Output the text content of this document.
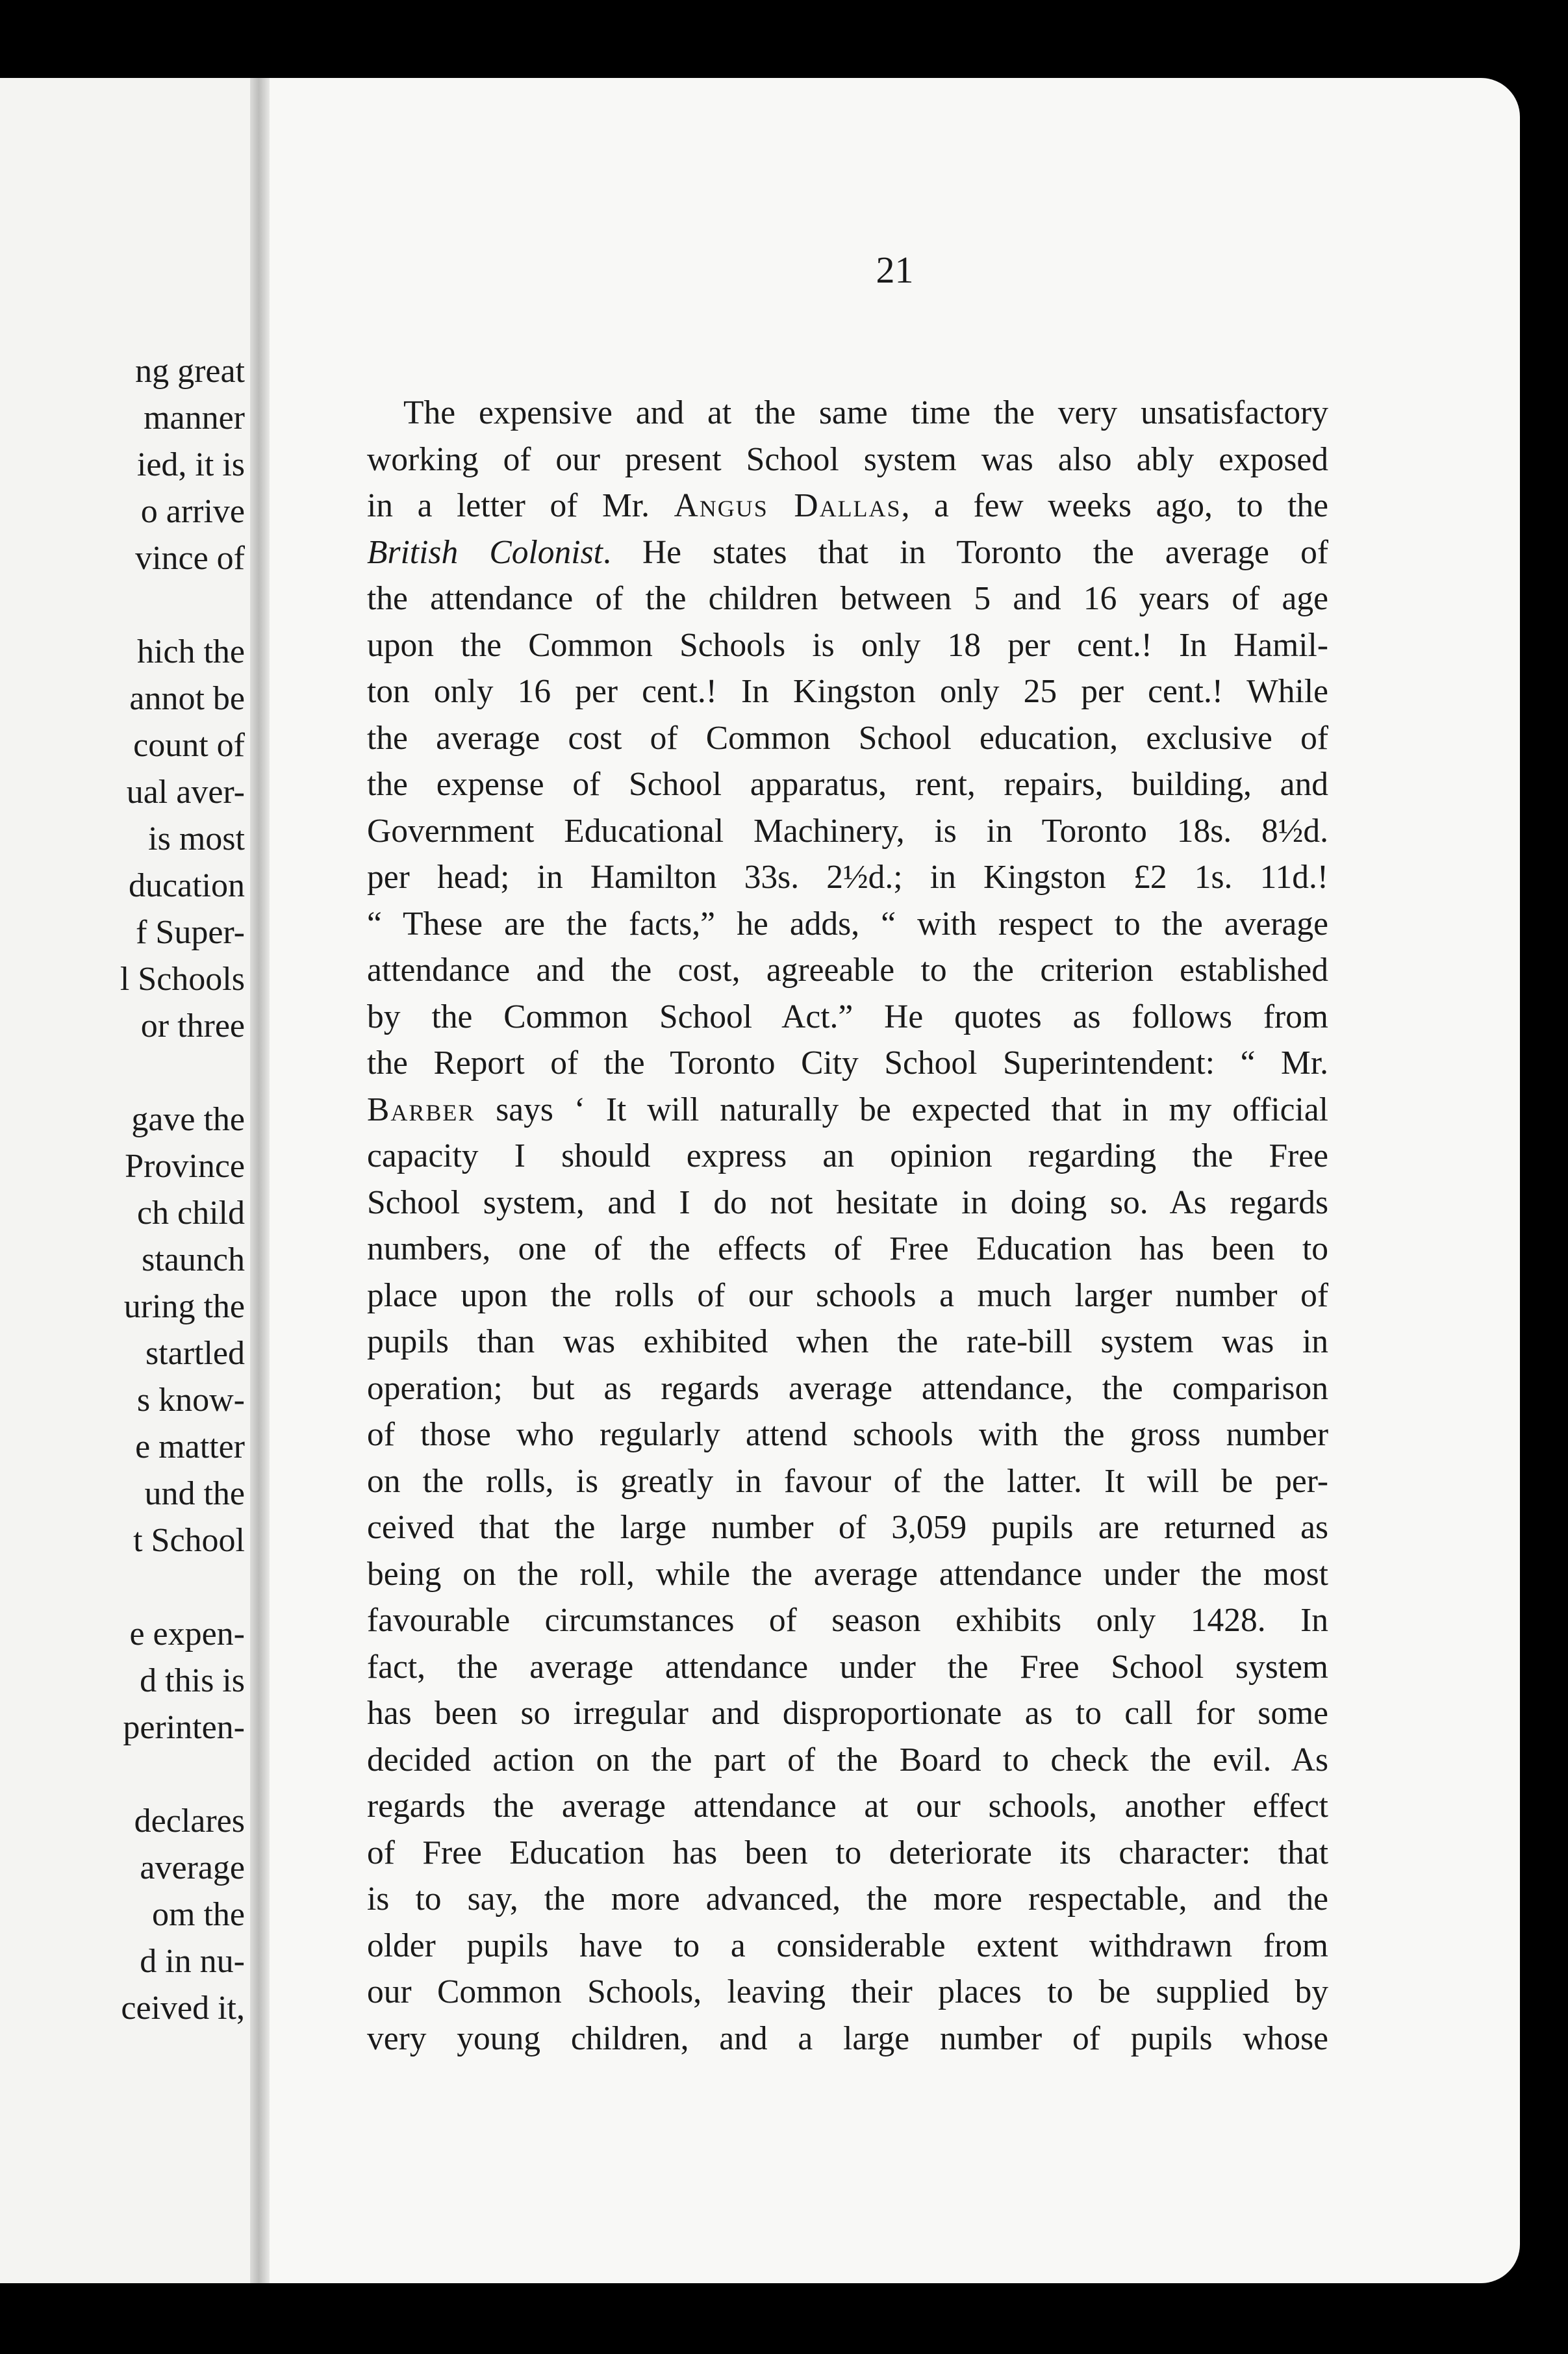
ng great
manner
ied, it is
o arrive
vince of
hich the
annot be
count of
ual aver-
is most
ducation
f Super-
l Schools
or three
gave the
Province
ch child
staunch
uring the
startled
s know-
e matter
und the
t School
e expen-
d this is
perinten-
declares
average
om the
d in nu-
ceived it,
21
The expensive and at the same time the very unsatisfactory
working of our present School system was also ably exposed
in a letter of Mr. Angus Dallas, a few weeks ago, to the
British Colonist. He states that in Toronto the average of
the attendance of the children between 5 and 16 years of age
upon the Common Schools is only 18 per cent.! In Hamil-
ton only 16 per cent.! In Kingston only 25 per cent.! While
the average cost of Common School education, exclusive of
the expense of School apparatus, rent, repairs, building, and
Government Educational Machinery, is in Toronto 18s. 8½d.
per head; in Hamilton 33s. 2½d.; in Kingston £2 1s. 11d.!
“ These are the facts,” he adds, “ with respect to the average
attendance and the cost, agreeable to the criterion established
by the Common School Act.” He quotes as follows from
the Report of the Toronto City School Superintendent: “ Mr.
Barber says ‘ It will naturally be expected that in my official
capacity I should express an opinion regarding the Free
School system, and I do not hesitate in doing so. As regards
numbers, one of the effects of Free Education has been to
place upon the rolls of our schools a much larger number of
pupils than was exhibited when the rate-bill system was in
operation; but as regards average attendance, the comparison
of those who regularly attend schools with the gross number
on the rolls, is greatly in favour of the latter. It will be per-
ceived that the large number of 3,059 pupils are returned as
being on the roll, while the average attendance under the most
favourable circumstances of season exhibits only 1428. In
fact, the average attendance under the Free School system
has been so irregular and disproportionate as to call for some
decided action on the part of the Board to check the evil. As
regards the average attendance at our schools, another effect
of Free Education has been to deteriorate its character: that
is to say, the more advanced, the more respectable, and the
older pupils have to a considerable extent withdrawn from
our Common Schools, leaving their places to be supplied by
very young children, and a large number of pupils whose
